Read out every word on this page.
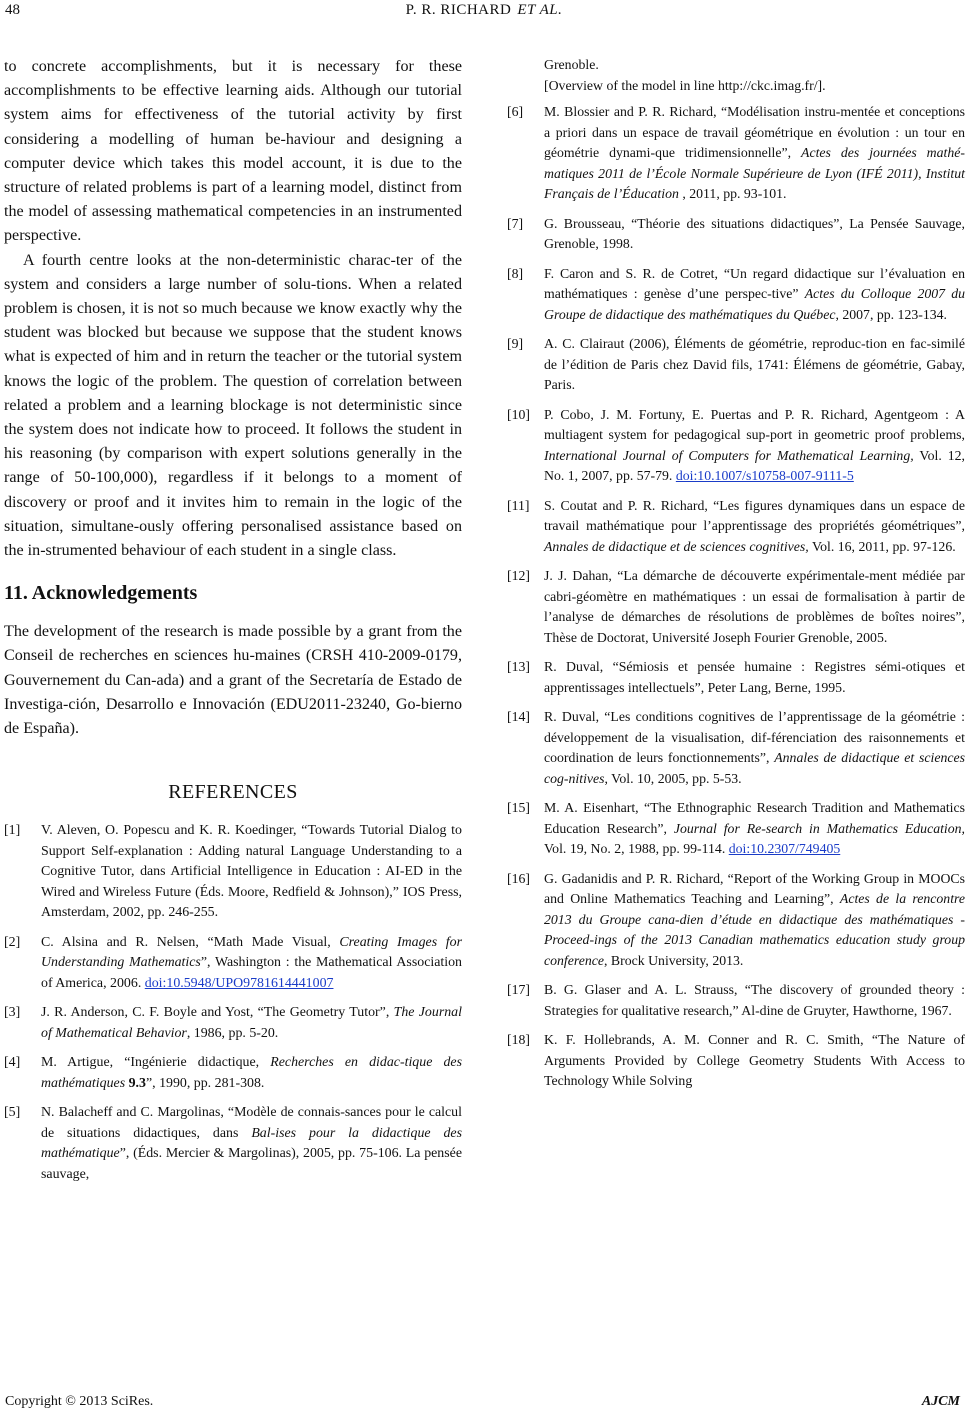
48	P. R. RICHARD ET AL.

to concrete accomplishments, but it is necessary for these accomplishments to be effective learning aids. Although our tutorial system aims for effectiveness of the tutorial activity by first considering a modelling of human be-haviour and designing a computer device which takes this model account, it is due to the structure of related problems is part of a learning model, distinct from the model of assessing mathematical competencies in an instrumented perspective.

A fourth centre looks at the non-deterministic charac-ter of the system and considers a large number of solu-tions. When a related problem is chosen, it is not so much because we know exactly why the student was blocked but because we suppose that the student knows what is expected of him and in return the teacher or the tutorial system knows the logic of the problem. The question of correlation between related a problem and a learning blockage is not deterministic since the system does not indicate how to proceed. It follows the student in his reasoning (by comparison with expert solutions generally in the range of 50-100,000), regardless if it belongs to a moment of discovery or proof and it invites him to remain in the logic of the situation, simultane-ously offering personalised assistance based on the in-strumented behaviour of each student in a single class.

11. Acknowledgements

The development of the research is made possible by a grant from the Conseil de recherches en sciences hu-maines (CRSH 410-2009-0179, Gouvernement du Can-ada) and a grant of the Secretaría de Estado de Investiga-ción, Desarrollo e Innovación (EDU2011-23240, Go-bierno de España).

REFERENCES
[1]	V. Aleven, O. Popescu and K. R. Koedinger, “Towards Tutorial Dialog to Support Self-explanation : Adding natural Language Understanding to a Cognitive Tutor, dans Artificial Intelligence in Education : AI-ED in the Wired and Wireless Future (Éds. Moore, Redfield & Johnson),” IOS Press, Amsterdam, 2002, pp. 246-255.
[2]	C. Alsina and R. Nelsen, “Math Made Visual, Creating Images for Understanding Mathematics”, Washington : the Mathematical Association of America, 2006. doi:10.5948/UPO9781614441007
[3]	J. R. Anderson, C. F. Boyle and Yost, “The Geometry Tutor”, The Journal of Mathematical Behavior, 1986, pp. 5-20.
[4]	M. Artigue, “Ingénierie didactique, Recherches en didac-tique des mathématiques 9.3”, 1990, pp. 281-308.
[5]	N. Balacheff and C. Margolinas, “Modèle de connais-sances pour le calcul de situations didactiques, dans Bal-ises pour la didactique des mathématique”, (Éds. Mercier & Margolinas), 2005, pp. 75-106. La pensée sauvage,

Grenoble.

[Overview of the model in line http://ckc.imag.fr/].

[6]	M. Blossier and P. R. Richard, “Modélisation instru-mentée et conceptions a priori dans un espace de travail géométrique en évolution : un tour en géométrie dynami-que tridimensionnelle”, Actes des journées mathé-matiques 2011 de l’École Normale Supérieure de Lyon (IFÉ 2011), Institut Français de l’Éducation , 2011, pp. 93-101.
[7]	G. Brousseau, “Théorie des situations didactiques”, La Pensée Sauvage, Grenoble, 1998.
[8]	F. Caron and S. R. de Cotret, “Un regard didactique sur l’évaluation en mathématiques : genèse d’une perspec-tive” Actes du Colloque 2007 du Groupe de didactique des mathématiques du Québec, 2007, pp. 123-134.
[9]	A. C. Clairaut (2006), Éléments de géométrie, reproduc-tion en fac-similé de l’édition de Paris chez David fils, 1741: Élémens de géométrie, Gabay, Paris.
[10]	P. Cobo, J. M. Fortuny, E. Puertas and P. R. Richard, Agentgeom : A multiagent system for pedagogical sup-port in geometric proof problems, International Journal of Computers for Mathematical Learning, Vol. 12, No. 1, 2007, pp. 57-79. doi:10.1007/s10758-007-9111-5
[11]	S. Coutat and P. R. Richard, “Les figures dynamiques dans un espace de travail mathématique pour l’apprentissage des propriétés géométriques”, Annales de didactique et de sciences cognitives, Vol. 16, 2011, pp. 97-126.
[12]	J. J. Dahan, “La démarche de découverte expérimentale-ment médiée par cabri-géomètre en mathématiques : un essai de formalisation à partir de l’analyse de démarches de résolutions de problèmes de boîtes noires”, Thèse de Doctorat, Université Joseph Fourier Grenoble, 2005.
[13]	R. Duval, “Sémiosis et pensée humaine : Registres sémi-otiques et apprentissages intellectuels”, Peter Lang, Berne, 1995.
[14]	R. Duval, “Les conditions cognitives de l’apprentissage de la géométrie : développement de la visualisation, dif-férenciation des raisonnements et coordination de leurs fonctionnements”, Annales de didactique et sciences cog-nitives, Vol. 10, 2005, pp. 5-53.
[15]	M. A. Eisenhart, “The Ethnographic Research Tradition and Mathematics Education Research”, Journal for Re-search in Mathematics Education, Vol. 19, No. 2, 1988, pp. 99-114. doi:10.2307/749405
[16]	G. Gadanidis and P. R. Richard, “Report of the Working Group in MOOCs and Online Mathematics Teaching and Learning”, Actes de la rencontre 2013 du Groupe cana-dien d’étude en didactique des mathématiques - Proceed-ings of the 2013 Canadian mathematics education study group conference, Brock University, 2013.
[17]	B. G. Glaser and A. L. Strauss, “The discovery of grounded theory : Strategies for qualitative research,” Al-dine de Gruyter, Hawthorne, 1967.
[18]	K. F. Hollebrands, A. M. Conner and R. C. Smith, “The Nature of Arguments Provided by College Geometry Students With Access to Technology While Solving
Copyright © 2013 SciRes.	AJCM
